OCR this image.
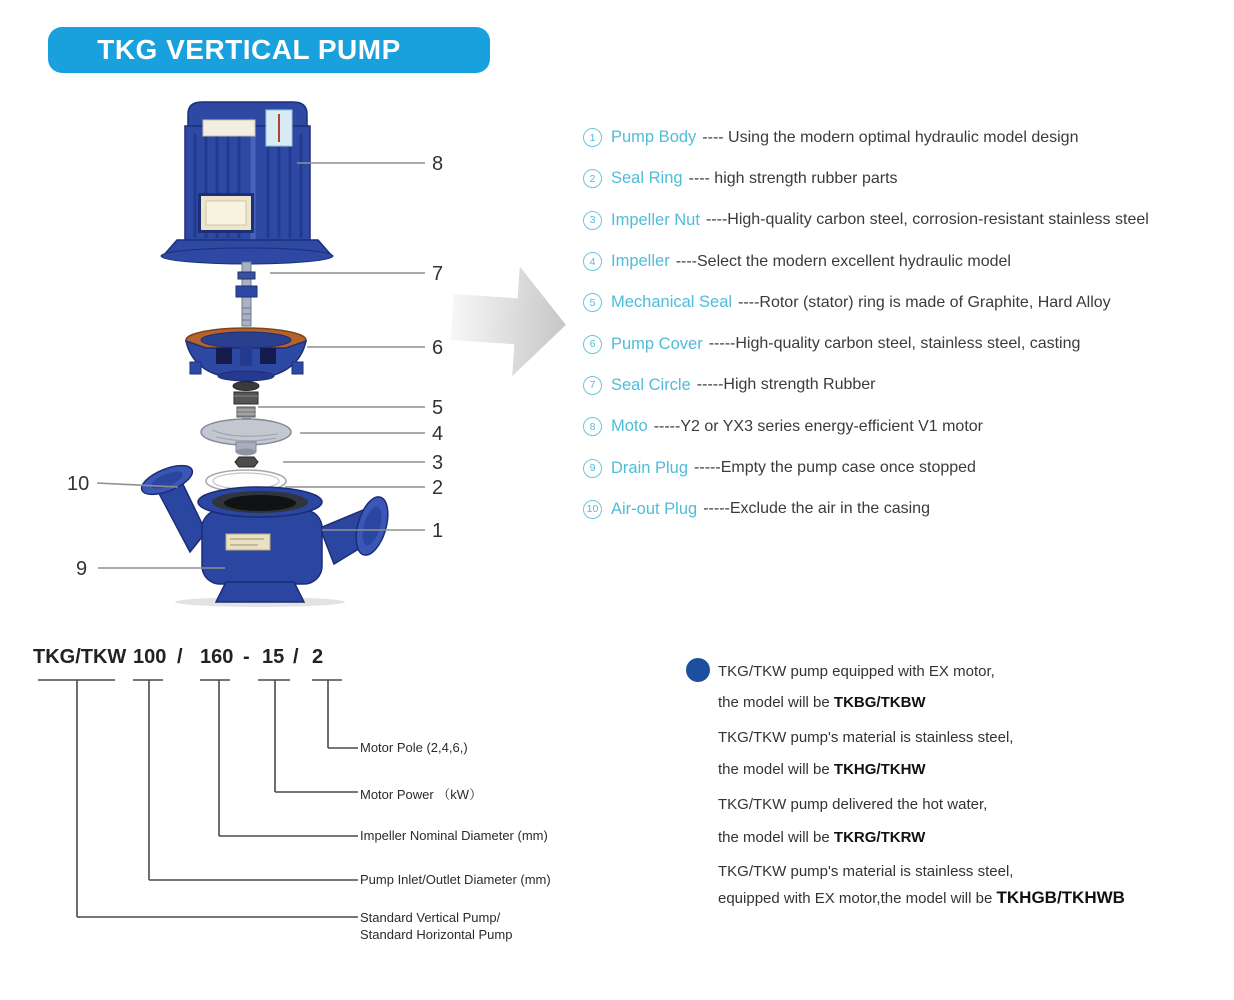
TKG VERTICAL PUMP
8
7
6
5
4
3
2
1
10
9
1 Pump Body ---- Using the modern optimal hydraulic model design
2 Seal Ring ---- high strength rubber parts
3 Impeller Nut ----High-quality carbon steel, corrosion-resistant stainless steel
4 Impeller ----Select the modern excellent hydraulic model
5 Mechanical Seal ----Rotor (stator) ring is made of Graphite, Hard Alloy
6 Pump Cover -----High-quality carbon steel, stainless steel, casting
7 Seal Circle -----High strength Rubber
8 Moto -----Y2 or YX3 series energy-efficient V1 motor
9 Drain Plug -----Empty the pump case once stopped
10 Air-out Plug -----Exclude the air in the casing
TKG/TKW 100 / 160 - 15 / 2
Motor Pole (2,4,6,)
Motor Power （kW）
Impeller Nominal Diameter (mm)
Pump Inlet/Outlet Diameter (mm)
Standard Vertical Pump/
Standard Horizontal Pump
TKG/TKW pump equipped with EX motor,
the model will be TKBG/TKBW
TKG/TKW pump's material is stainless steel,
the model will be TKHG/TKHW
TKG/TKW pump delivered the hot water,
the model will be TKRG/TKRW
TKG/TKW pump's material is stainless steel,
equipped with EX motor,the model will be TKHGB/TKHWB
